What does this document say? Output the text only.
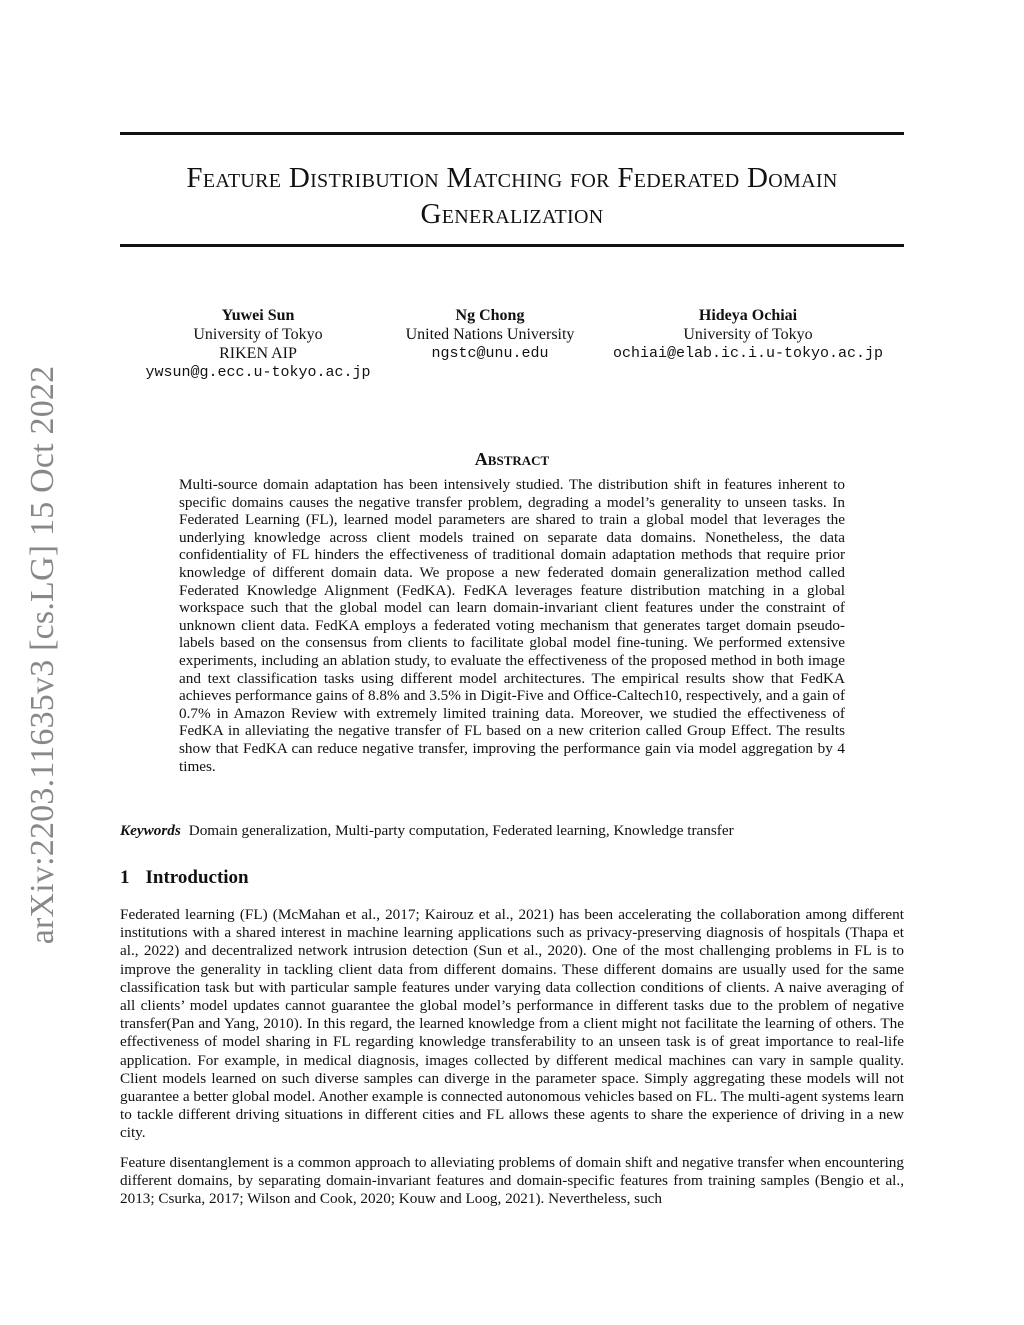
arXiv:2203.11635v3 [cs.LG] 15 Oct 2022
Feature Distribution Matching for Federated Domain Generalization
Yuwei Sun
University of Tokyo
RIKEN AIP
ywsun@g.ecc.u-tokyo.ac.jp
Ng Chong
United Nations University
ngstc@unu.edu
Hideya Ochiai
University of Tokyo
ochiai@elab.ic.i.u-tokyo.ac.jp
Abstract
Multi-source domain adaptation has been intensively studied. The distribution shift in features inherent to specific domains causes the negative transfer problem, degrading a model’s generality to unseen tasks. In Federated Learning (FL), learned model parameters are shared to train a global model that leverages the underlying knowledge across client models trained on separate data domains. Nonetheless, the data confidentiality of FL hinders the effectiveness of traditional domain adaptation methods that require prior knowledge of different domain data. We propose a new federated domain generalization method called Federated Knowledge Alignment (FedKA). FedKA leverages feature distribution matching in a global workspace such that the global model can learn domain-invariant client features under the constraint of unknown client data. FedKA employs a federated voting mechanism that generates target domain pseudo-labels based on the consensus from clients to facilitate global model fine-tuning. We performed extensive experiments, including an ablation study, to evaluate the effectiveness of the proposed method in both image and text classification tasks using different model architectures. The empirical results show that FedKA achieves performance gains of 8.8% and 3.5% in Digit-Five and Office-Caltech10, respectively, and a gain of 0.7% in Amazon Review with extremely limited training data. Moreover, we studied the effectiveness of FedKA in alleviating the negative transfer of FL based on a new criterion called Group Effect. The results show that FedKA can reduce negative transfer, improving the performance gain via model aggregation by 4 times.
Keywords Domain generalization, Multi-party computation, Federated learning, Knowledge transfer
1 Introduction
Federated learning (FL) (McMahan et al., 2017; Kairouz et al., 2021) has been accelerating the collaboration among different institutions with a shared interest in machine learning applications such as privacy-preserving diagnosis of hospitals (Thapa et al., 2022) and decentralized network intrusion detection (Sun et al., 2020). One of the most challenging problems in FL is to improve the generality in tackling client data from different domains. These different domains are usually used for the same classification task but with particular sample features under varying data collection conditions of clients. A naive averaging of all clients’ model updates cannot guarantee the global model’s performance in different tasks due to the problem of negative transfer(Pan and Yang, 2010). In this regard, the learned knowledge from a client might not facilitate the learning of others. The effectiveness of model sharing in FL regarding knowledge transferability to an unseen task is of great importance to real-life application. For example, in medical diagnosis, images collected by different medical machines can vary in sample quality. Client models learned on such diverse samples can diverge in the parameter space. Simply aggregating these models will not guarantee a better global model. Another example is connected autonomous vehicles based on FL. The multi-agent systems learn to tackle different driving situations in different cities and FL allows these agents to share the experience of driving in a new city.
Feature disentanglement is a common approach to alleviating problems of domain shift and negative transfer when encountering different domains, by separating domain-invariant features and domain-specific features from training samples (Bengio et al., 2013; Csurka, 2017; Wilson and Cook, 2020; Kouw and Loog, 2021). Nevertheless, such
